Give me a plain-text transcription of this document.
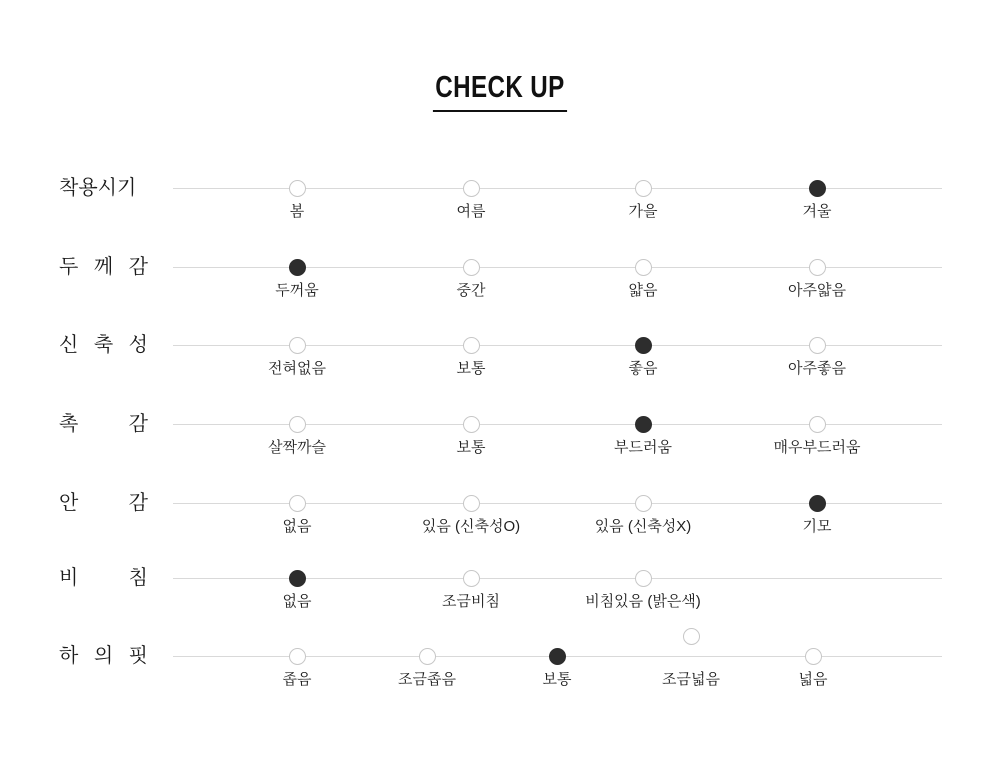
CHECK UP
착용시기
봄	여름	가을	겨울
두 께 감
두꺼움	중간	얇음	아주얇음
신 축 성
전혀없음	보통	좋음	아주좋음
촉 감
살짝까슬	보통	부드러움	매우부드러움
안 감
없음	있음 (신축성O)	있음 (신축성X)	기모
비 침
없음	조금비침	비침있음 (밝은색)
하 의 핏
좁음	조금좁음	보통	조금넓음	넓음
